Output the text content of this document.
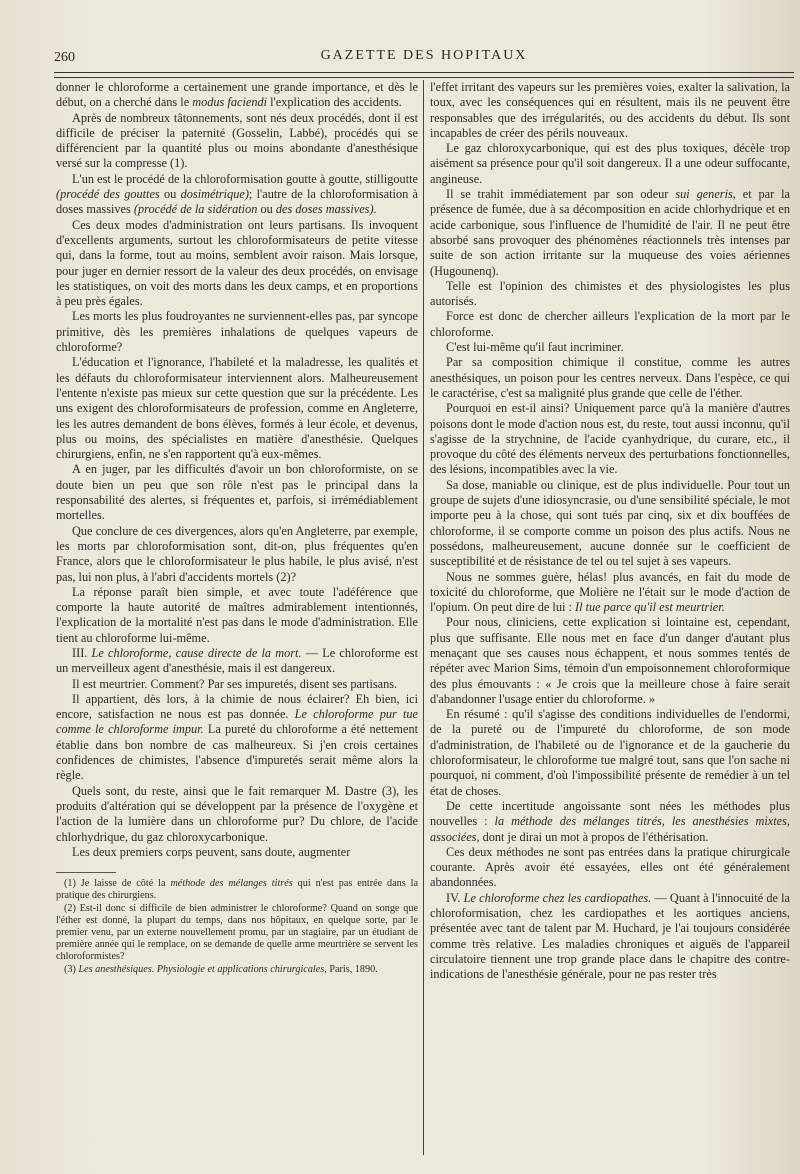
260	GAZETTE DES HOPITAUX

donner le chloroforme a certainement une grande importance, et dès le début, on a cherché dans le modus faciendi l'explication des accidents.

Après de nombreux tâtonnements, sont nés deux procédés, dont il est difficile de préciser la paternité (Gosselin, Labbé), procédés qui se différencient par la quantité plus ou moins abondante d'anesthésique versé sur la compresse (1).

L'un est le procédé de la chloroformisation goutte à goutte, stilligoutte (procédé des gouttes ou dosimétrique); l'autre de la chloroformisation à doses massives (procédé de la sidération ou des doses massives).

Ces deux modes d'administration ont leurs partisans. Ils invoquent d'excellents arguments, surtout les chloroformisateurs de petite vitesse qui, dans la forme, tout au moins, semblent avoir raison. Mais lorsque, pour juger en dernier ressort de la valeur des deux procédés, on envisage les statistiques, on voit des morts dans les deux camps, et en proportions à peu près égales.

Les morts les plus foudroyantes ne surviennent-elles pas, par syncope primitive, dès les premières inhalations de quelques vapeurs de chloroforme?

L'éducation et l'ignorance, l'habileté et la maladresse, les qualités et les défauts du chloroformisateur interviennent alors. Malheureusement l'entente n'existe pas mieux sur cette question que sur la précédente. Les uns exigent des chloroformisateurs de profession, comme en Angleterre, les les autres demandent de bons élèves, formés à leur école, et devenus, plus ou moins, des spécialistes en matière d'anesthésie. Quelques chirurgiens, enfin, ne s'en rapportent qu'à eux-mêmes.

A en juger, par les difficultés d'avoir un bon chloroformiste, on se doute bien un peu que son rôle n'est pas le principal dans la responsabilité des alertes, si fréquentes et, parfois, si irrémédiablement mortelles.

Que conclure de ces divergences, alors qu'en Angleterre, par exemple, les morts par chloroformisation sont, dit-on, plus fréquentes qu'en France, alors que le chloroformisateur le plus habile, le plus avisé, n'est pas, lui non plus, à l'abri d'accidents mortels (2)?

La réponse paraît bien simple, et avec toute l'adéférence que comporte la haute autorité de maîtres admirablement intentionnés, l'explication de la mortalité n'est pas dans le mode d'administration. Elle tient au chloroforme lui-même.

III. Le chloroforme, cause directe de la mort. — Le chloroforme est un merveilleux agent d'anesthésie, mais il est dangereux.

Il est meurtrier. Comment? Par ses impuretés, disent ses partisans.

Il appartient, dès lors, à la chimie de nous éclairer? Eh bien, ici encore, satisfaction ne nous est pas donnée. Le chloroforme pur tue comme le chloroforme impur. La pureté du chloroforme a été nettement établie dans bon nombre de cas malheureux. Si j'en crois certaines confidences de chimistes, l'absence d'impuretés serait même alors la règle.

Quels sont, du reste, ainsi que le fait remarquer M. Dastre (3), les produits d'altération qui se développent par la présence de l'oxygène et l'action de la lumière dans un chloroforme pur? Du chlore, de l'acide chlorhydrique, du gaz chloroxycarbonique.

Les deux premiers corps peuvent, sans doute, augmenter

(1) Je laisse de côté la méthode des mélanges titrés qui n'est pas entrée dans la pratique des chirurgiens.

(2) Est-il donc si difficile de bien administrer le chloroforme? Quand on songe que l'éther est donné, la plupart du temps, dans nos hôpitaux, en quelque sorte, par le premier venu, par un externe nouvellement promu, par un stagiaire, par un étudiant de première année qui le remplace, on se demande de quelle arme meurtrière se servent les chloroformistes?

(3) Les anesthésiques. Physiologie et applications chirurgicales, Paris, 1890.

l'effet irritant des vapeurs sur les premières voies, exalter la salivation, la toux, avec les conséquences qui en résultent, mais ils ne peuvent être responsables que des irrégularités, ou des accidents du début. Ils sont incapables de créer des périls nouveaux.

Le gaz chloroxycarbonique, qui est des plus toxiques, décèle trop aisément sa présence pour qu'il soit dangereux. Il a une odeur suffocante, angineuse.

Il se trahit immédiatement par son odeur sui generis, et par la présence de fumée, due à sa décomposition en acide chlorhydrique et en acide carbonique, sous l'influence de l'humidité de l'air. Il ne peut être absorbé sans provoquer des phénomènes réactionnels très intenses par suite de son action irritante sur la muqueuse des voies aériennes (Hugounenq).

Telle est l'opinion des chimistes et des physiologistes les plus autorisés.

Force est donc de chercher ailleurs l'explication de la mort par le chloroforme.

C'est lui-même qu'il faut incriminer.

Par sa composition chimique il constitue, comme les autres anesthésiques, un poison pour les centres nerveux. Dans l'espèce, ce qui le caractérise, c'est sa malignité plus grande que celle de l'éther.

Pourquoi en est-il ainsi? Uniquement parce qu'à la manière d'autres poisons dont le mode d'action nous est, du reste, tout aussi inconnu, qu'il s'agisse de la strychnine, de l'acide cyanhydrique, du curare, etc., il provoque du côté des éléments nerveux des perturbations fonctionnelles, des lésions, incompatibles avec la vie.

Sa dose, maniable ou clinique, est de plus individuelle. Pour tout un groupe de sujets d'une idiosyncrasie, ou d'une sensibilité spéciale, le mot importe peu à la chose, qui sont tués par cinq, six et dix bouffées de chloroforme, il se comporte comme un poison des plus actifs. Nous ne possédons, malheureusement, aucune donnée sur le coefficient de susceptibilité et de résistance de tel ou tel sujet à ses vapeurs.

Nous ne sommes guère, hélas! plus avancés, en fait du mode de toxicité du chloroforme, que Molière ne l'était sur le mode d'action de l'opium. On peut dire de lui : Il tue parce qu'il est meurtrier.

Pour nous, cliniciens, cette explication si lointaine est, cependant, plus que suffisante. Elle nous met en face d'un danger d'autant plus menaçant que ses causes nous échappent, et nous sommes tentés de répéter avec Marion Sims, témoin d'un empoisonnement chloroformique des plus émouvants : « Je crois que la meilleure chose à faire serait d'abandonner l'usage entier du chloroforme. »

En résumé : qu'il s'agisse des conditions individuelles de l'endormi, de la pureté ou de l'impureté du chloroforme, de son mode d'administration, de l'habileté ou de l'ignorance et de la gaucherie du chloroformisateur, le chloroforme tue malgré tout, sans que l'on sache ni pourquoi, ni comment, d'où l'impossibilité présente de remédier à un tel état de choses.

De cette incertitude angoissante sont nées les méthodes plus nouvelles : la méthode des mélanges titrés, les anesthésies mixtes, associées, dont je dirai un mot à propos de l'éthérisation.

Ces deux méthodes ne sont pas entrées dans la pratique chirurgicale courante. Après avoir été essayées, elles ont été généralement abandonnées.

IV. Le chloroforme chez les cardiopathes. — Quant à l'innocuité de la chloroformisation, chez les cardiopathes et les aortiques anciens, présentée avec tant de talent par M. Huchard, je l'ai toujours considérée comme très relative. Les maladies chroniques et aiguës de l'appareil circulatoire tiennent une trop grande place dans le chapitre des contre-indications de l'anesthésie générale, pour ne pas rester très
